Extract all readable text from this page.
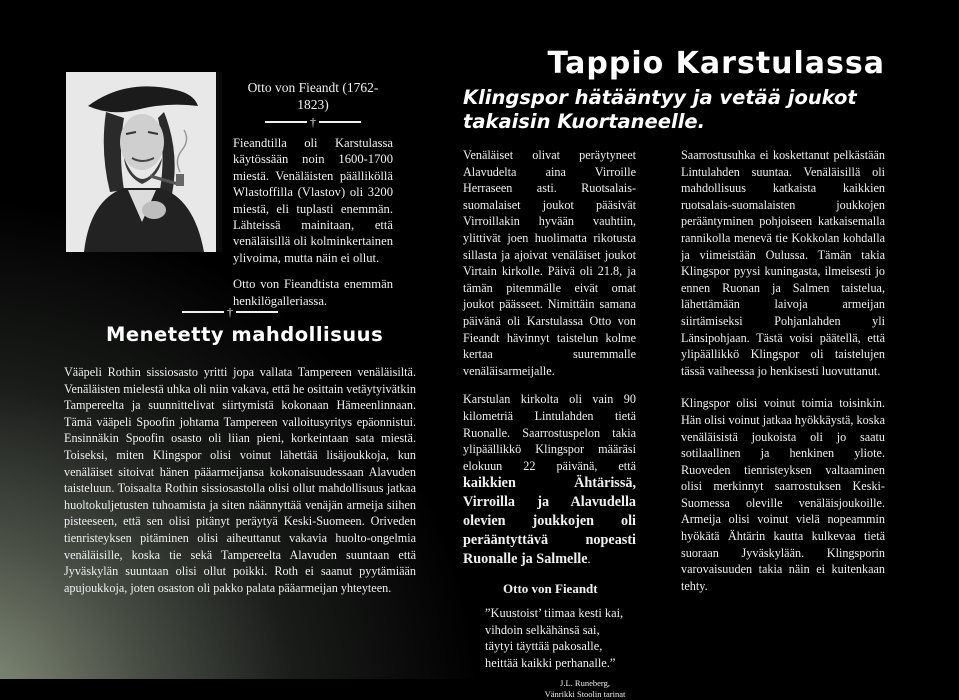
Otto von Fieandt (1762-1823)
†

Fieandtilla oli Karstulassa käytössään noin 1600-1700 miestä. Venäläisten päälliköllä Wlastoffilla (Vlastov) oli 3200 miestä, eli tuplasti enemmän. Lähteissä mainitaan, että venäläisillä oli kolminkertainen ylivoima, mutta näin ei ollut.

Otto von Fieandtista enemmän henkilögalleriassa.

†
Menetetty mahdollisuus

Vääpeli Rothin sissiosasto yritti jopa vallata Tampereen venäläisiltä. Venäläisten mielestä uhka oli niin vakava, että he osittain vetäytyivätkin Tampereelta ja suunnittelivat siirtymistä kokonaan Hämeenlinnaan. Tämä vääpeli Spoofin johtama Tampereen valloitusyritys epäonnistui. Ensinnäkin Spoofin osasto oli liian pieni, korkeintaan sata miestä. Toiseksi, miten Klingspor olisi voinut lähettää lisäjoukkoja, kun venäläiset sitoivat hänen pääarmeijansa kokonaisuudessaan Alavuden taisteluun. Toisaalta Rothin sissiosastolla olisi ollut mahdollisuus jatkaa huoltokuljetusten tuhoamista ja siten näännyttää venäjän armeija siihen pisteeseen, että sen olisi pitänyt peräytyä Keski-Suomeen. Oriveden tienristeyksen pitäminen olisi aiheuttanut vakavia huolto-ongelmia venäläisille, koska tie sekä Tampereelta Alavuden suuntaan että Jyväskylän suuntaan olisi ollut poikki. Roth ei saanut pyytämiään apujoukkoja, joten osaston oli pakko palata pääarmeijan yhteyteen.

Tappio Karstulassa
Klingspor hätääntyy ja vetää joukot takaisin Kuortaneelle.

Venäläiset olivat peräytyneet Alavudelta aina Virroille Herraseen asti. Ruotsalais-suomalaiset joukot pääsivät Virroillakin hyvään vauhtiin, ylittivät joen huolimatta rikotusta sillasta ja ajoivat venäläiset joukot Virtain kirkolle. Päivä oli 21.8, ja tämän pitemmälle eivät omat joukot päässeet. Nimittäin samana päivänä oli Karstulassa Otto von Fieandt hävinnyt taistelun kolme kertaa suuremmalle venäläisarmeijalle.

Karstulan kirkolta oli vain 90 kilometriä Lintulahden tietä Ruonalle. Saarrostuspelon takia ylipäällikkö Klingspor määräsi elokuun 22 päivänä, että kaikkien Ähtärissä, Virroilla ja Alavudella olevien joukkojen oli perääntyttävä nopeasti Ruonalle ja Salmelle.

Otto von Fieandt
”Kuustoist’ tiimaa kesti kai,
vihdoin selkähänsä sai,
täytyi täyttää pakosalle,
heittää kaikki perhanalle.”
J.L. Runeberg,
Vänrikki Stoolin tarinat

Saarrostusuhka ei koskettanut pelkästään Lintulahden suuntaa. Venäläisillä oli mahdollisuus katkaista kaikkien ruotsalais-suomalaisten joukkojen perääntyminen pohjoiseen katkaisemalla rannikolla menevä tie Kokkolan kohdalla ja viimeistään Oulussa. Tämän takia Klingspor pyysi kuningasta, ilmeisesti jo ennen Ruonan ja Salmen taistelua, lähettämään laivoja armeijan siirtämiseksi Pohjanlahden yli Länsipohjaan. Tästä voisi päätellä, että ylipäällikkö Klingspor oli taistelujen tässä vaiheessa jo henkisesti luovuttanut.

Klingspor olisi voinut toimia toisinkin. Hän olisi voinut jatkaa hyökkäystä, koska venäläisistä joukoista oli jo saatu sotilaallinen ja henkinen yliote. Ruoveden tienristeyksen valtaaminen olisi merkinnyt saarrostuksen Keski-Suomessa oleville venäläisjoukoille. Armeija olisi voinut vielä nopeammin hyökätä Ähtärin kautta kulkevaa tietä suoraan Jyväskylään. Klingsporin varovaisuuden takia näin ei kuitenkaan tehty.
